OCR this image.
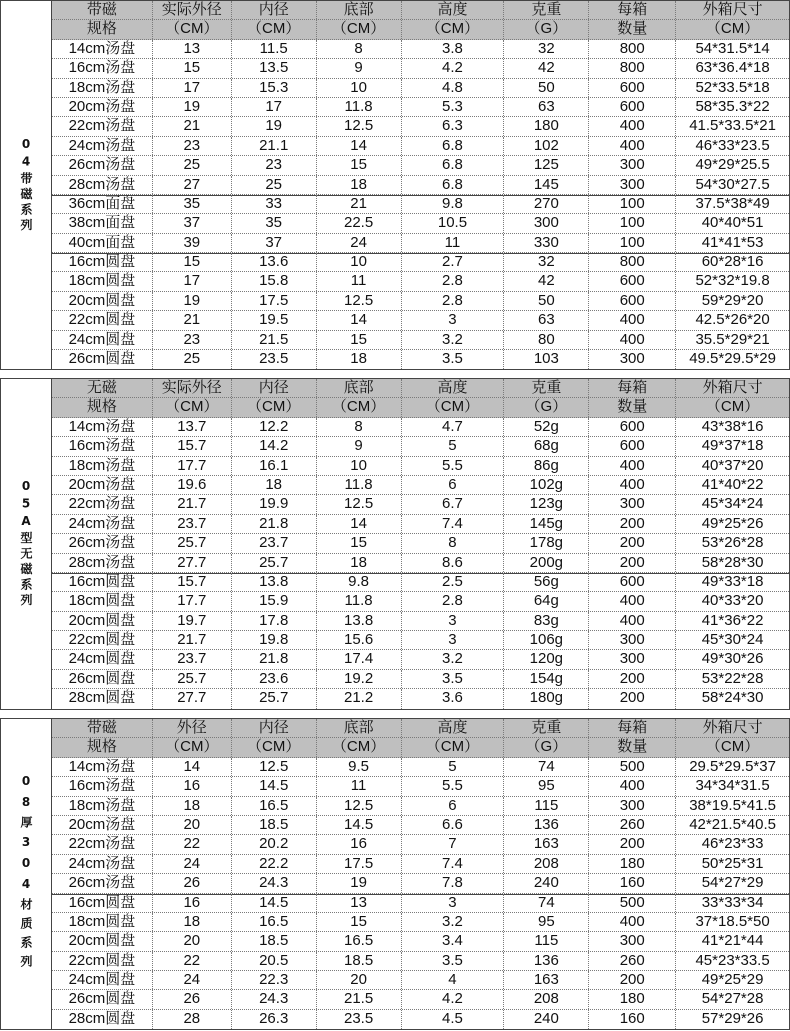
04带磁系列
带磁	实际外径	内径	底部	高度	克重	每箱	外箱尺寸
规格	（CM）	（CM）	（CM）	（CM）	（G）	数量	（CM）
14cm汤盘	13	11.5	8	3.8	32	800	54*31.5*14
16cm汤盘	15	13.5	9	4.2	42	800	63*36.4*18
18cm汤盘	17	15.3	10	4.8	50	600	52*33.5*18
20cm汤盘	19	17	11.8	5.3	63	600	58*35.3*22
22cm汤盘	21	19	12.5	6.3	180	400	41.5*33.5*21
24cm汤盘	23	21.1	14	6.8	102	400	46*33*23.5
26cm汤盘	25	23	15	6.8	125	300	49*29*25.5
28cm汤盘	27	25	18	6.8	145	300	54*30*27.5
36cm面盘	35	33	21	9.8	270	100	37.5*38*49
38cm面盘	37	35	22.5	10.5	300	100	40*40*51
40cm面盘	39	37	24	11	330	100	41*41*53
16cm圆盘	15	13.6	10	2.7	32	800	60*28*16
18cm圆盘	17	15.8	11	2.8	42	600	52*32*19.8
20cm圆盘	19	17.5	12.5	2.8	50	600	59*29*20
22cm圆盘	21	19.5	14	3	63	400	42.5*26*20
24cm圆盘	23	21.5	15	3.2	80	400	35.5*29*21
26cm圆盘	25	23.5	18	3.5	103	300	49.5*29.5*29
05A型无磁系列
无磁	实际外径	内径	底部	高度	克重	每箱	外箱尺寸
规格	（CM）	（CM）	（CM）	（CM）	（G）	数量	（CM）
14cm汤盘	13.7	12.2	8	4.7	52g	600	43*38*16
16cm汤盘	15.7	14.2	9	5	68g	600	49*37*18
18cm汤盘	17.7	16.1	10	5.5	86g	400	40*37*20
20cm汤盘	19.6	18	11.8	6	102g	400	41*40*22
22cm汤盘	21.7	19.9	12.5	6.7	123g	300	45*34*24
24cm汤盘	23.7	21.8	14	7.4	145g	200	49*25*26
26cm汤盘	25.7	23.7	15	8	178g	200	53*26*28
28cm汤盘	27.7	25.7	18	8.6	200g	200	58*28*30
16cm圆盘	15.7	13.8	9.8	2.5	56g	600	49*33*18
18cm圆盘	17.7	15.9	11.8	2.8	64g	400	40*33*20
20cm圆盘	19.7	17.8	13.8	3	83g	400	41*36*22
22cm圆盘	21.7	19.8	15.6	3	106g	300	45*30*24
24cm圆盘	23.7	21.8	17.4	3.2	120g	300	49*30*26
26cm圆盘	25.7	23.6	19.2	3.5	154g	200	53*22*28
28cm圆盘	27.7	25.7	21.2	3.6	180g	200	58*24*30
08厚304材质系列
带磁	外径	内径	底部	高度	克重	每箱	外箱尺寸
规格	（CM）	（CM）	（CM）	（CM）	（G）	数量	（CM）
14cm汤盘	14	12.5	9.5	5	74	500	29.5*29.5*37
16cm汤盘	16	14.5	11	5.5	95	400	34*34*31.5
18cm汤盘	18	16.5	12.5	6	115	300	38*19.5*41.5
20cm汤盘	20	18.5	14.5	6.6	136	260	42*21.5*40.5
22cm汤盘	22	20.2	16	7	163	200	46*23*33
24cm汤盘	24	22.2	17.5	7.4	208	180	50*25*31
26cm汤盘	26	24.3	19	7.8	240	160	54*27*29
16cm圆盘	16	14.5	13	3	74	500	33*33*34
18cm圆盘	18	16.5	15	3.2	95	400	37*18.5*50
20cm圆盘	20	18.5	16.5	3.4	115	300	41*21*44
22cm圆盘	22	20.5	18.5	3.5	136	260	45*23*33.5
24cm圆盘	24	22.3	20	4	163	200	49*25*29
26cm圆盘	26	24.3	21.5	4.2	208	180	54*27*28
28cm圆盘	28	26.3	23.5	4.5	240	160	57*29*26
